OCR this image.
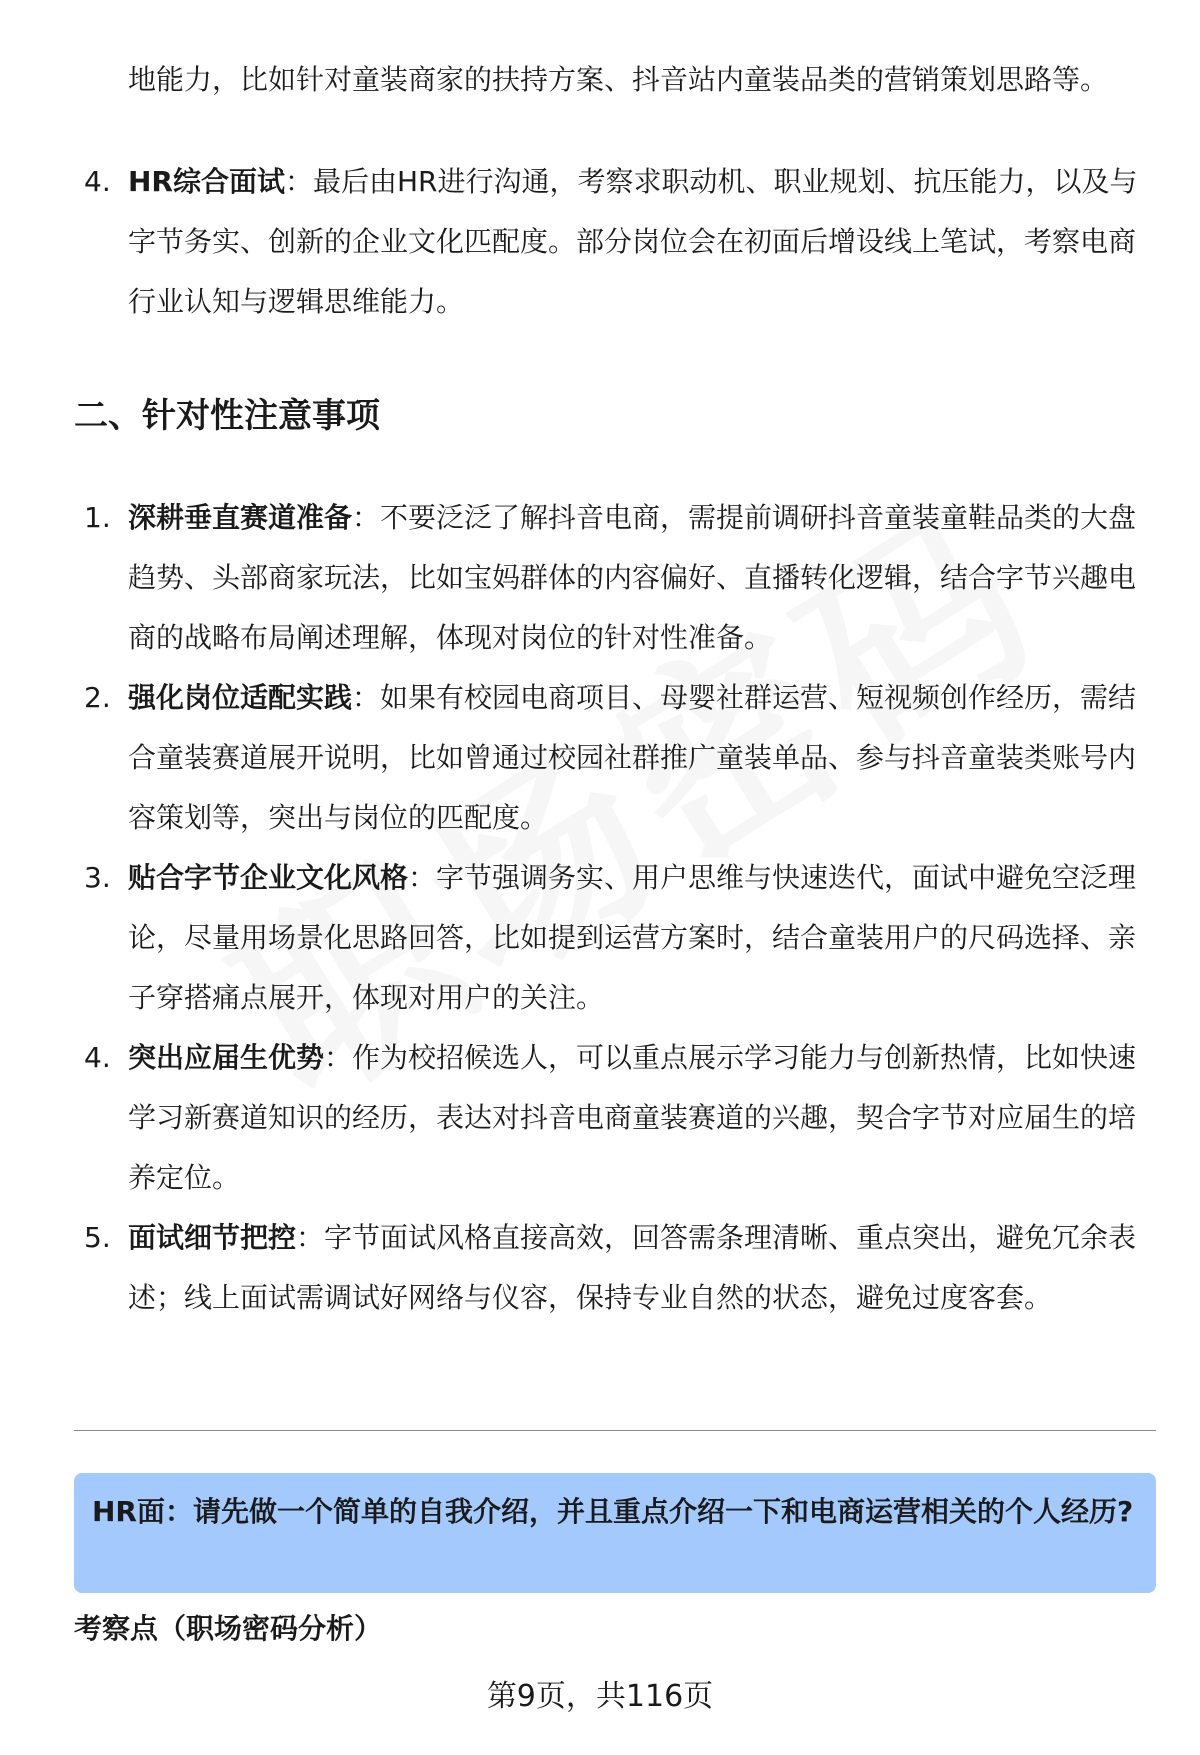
地能力，比如针对童装商家的扶持方案、抖音站内童装品类的营销策划思路等。
4. HR综合面试：最后由HR进行沟通，考察求职动机、职业规划、抗压能力，以及与字节务实、创新的企业文化匹配度。部分岗位会在初面后增设线上笔试，考察电商行业认知与逻辑思维能力。
二、针对性注意事项
1. 深耕垂直赛道准备：不要泛泛了解抖音电商，需提前调研抖音童装童鞋品类的大盘趋势、头部商家玩法，比如宝妈群体的内容偏好、直播转化逻辑，结合字节兴趣电商的战略布局阐述理解，体现对岗位的针对性准备。
2. 强化岗位适配实践：如果有校园电商项目、母婴社群运营、短视频创作经历，需结合童装赛道展开说明，比如曾通过校园社群推广童装单品、参与抖音童装类账号内容策划等，突出与岗位的匹配度。
3. 贴合字节企业文化风格：字节强调务实、用户思维与快速迭代，面试中避免空泛理论，尽量用场景化思路回答，比如提到运营方案时，结合童装用户的尺码选择、亲子穿搭痛点展开，体现对用户的关注。
4. 突出应届生优势：作为校招候选人，可以重点展示学习能力与创新热情，比如快速学习新赛道知识的经历，表达对抖音电商童装赛道的兴趣，契合字节对应届生的培养定位。
5. 面试细节把控：字节面试风格直接高效，回答需条理清晰、重点突出，避免冗余表述；线上面试需调试好网络与仪容，保持专业自然的状态，避免过度客套。
HR面：请先做一个简单的自我介绍，并且重点介绍一下和电商运营相关的个人经历?
考察点（职场密码分析）
第9页，共116页
